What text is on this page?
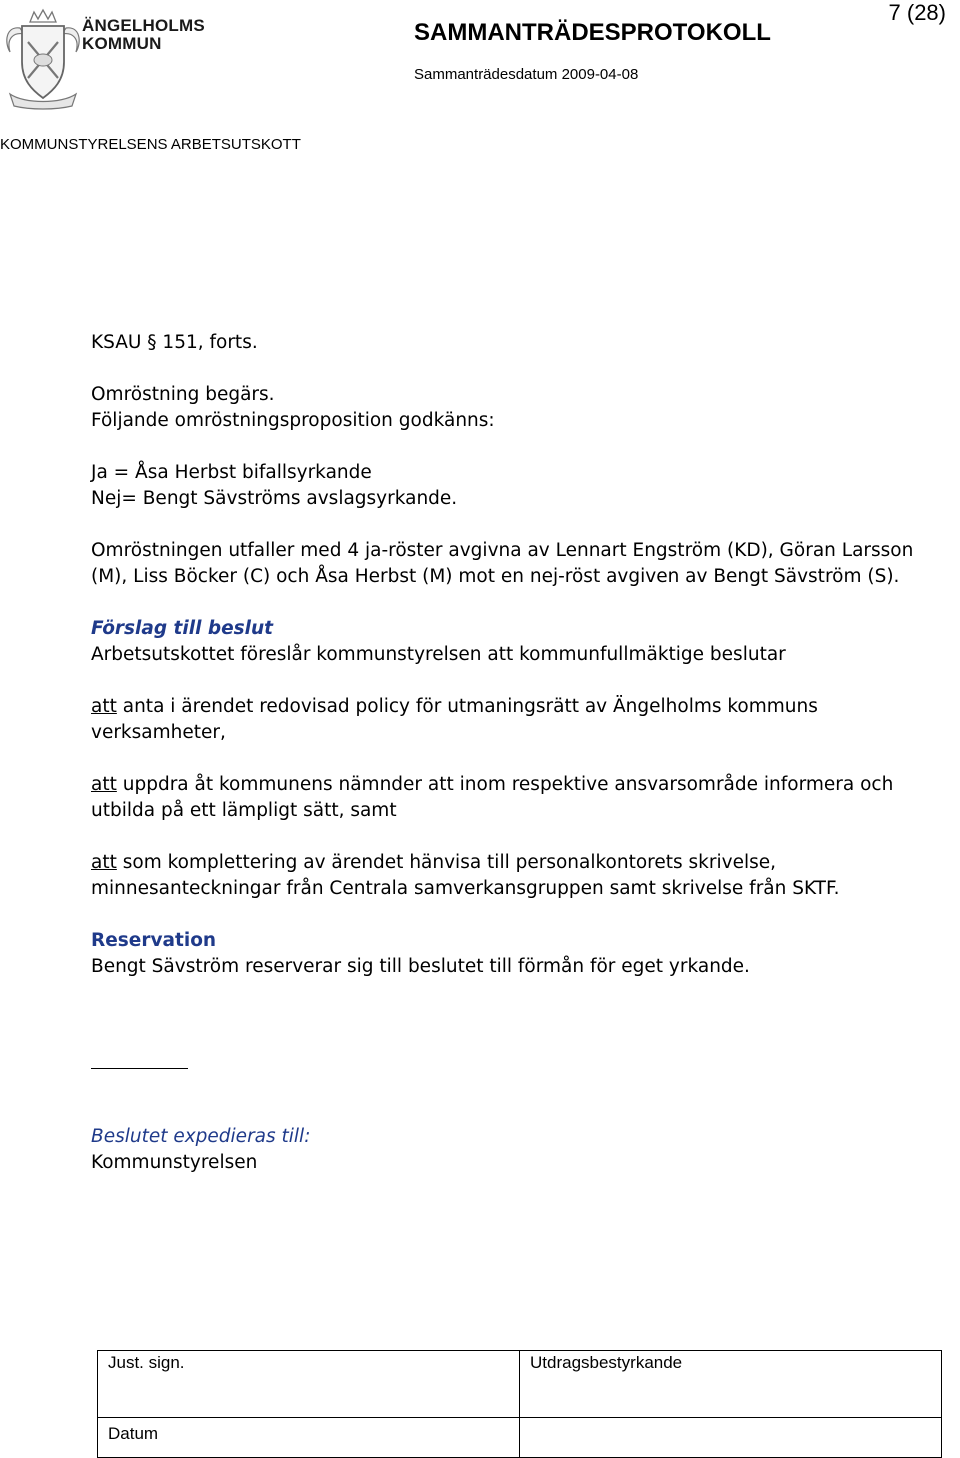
ÄNGELHOLMS
KOMMUN	SAMMANTRÄDESPROTOKOLL
7 (28)
Sammanträdesdatum 2009-04-08
KOMMUNSTYRELSENS ARBETSUTSKOTT

KSAU § 151, forts.

Omröstning begärs.

Följande omröstningsproposition godkänns:

Ja = Åsa Herbst bifallsyrkande

Nej= Bengt Sävströms avslagsyrkande.

Omröstningen utfaller med 4 ja-röster avgivna av Lennart Engström (KD), Göran Larsson (M), Liss Böcker (C) och Åsa Herbst (M) mot en nej-röst avgiven av Bengt Sävström (S).

Förslag till beslut

Arbetsutskottet föreslår kommunstyrelsen att kommunfullmäktige beslutar

att anta i ärendet redovisad policy för utmaningsrätt av Ängelholms kommuns verksamheter,

att uppdra åt kommunens nämnder att inom respektive ansvarsområde informera och utbilda på ett lämpligt sätt, samt

att som komplettering av ärendet hänvisa till personalkontorets skrivelse, minnesanteckningar från Centrala samverkansgruppen samt skrivelse från SKTF.

Reservation

Bengt Sävström reserverar sig till beslutet till förmån för eget yrkande.

Beslutet expedieras till:
Kommunstyrelsen
Just. sign.	Utdragsbestyrkande
Datum	
